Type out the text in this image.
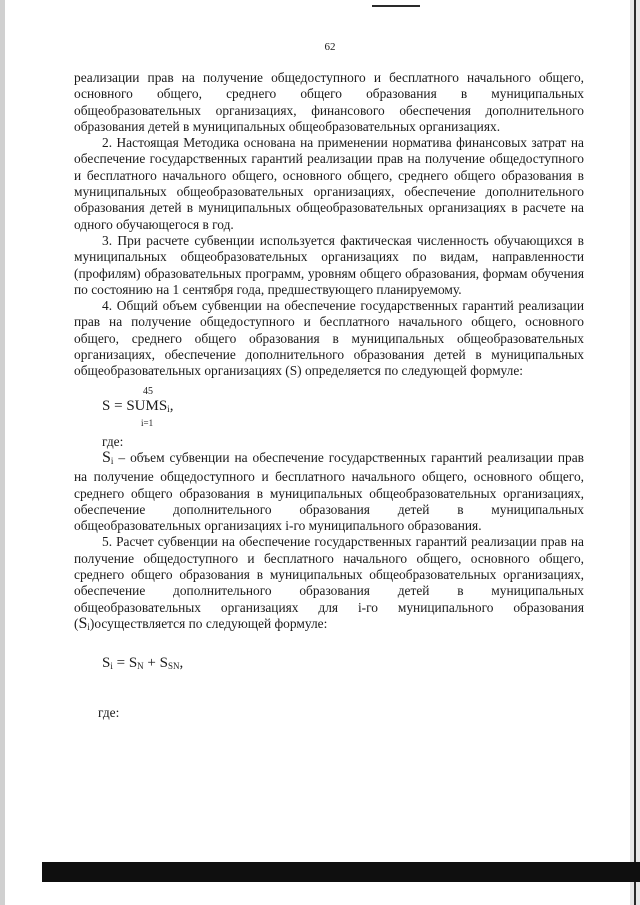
62

реализации прав на получение общедоступного и бесплатного начального общего, основного общего, среднего общего образования в муниципальных общеобразовательных организациях, финансового обеспечения дополнительного образования детей в муниципальных общеобразовательных организациях.

2. Настоящая Методика основана на применении норматива финансовых затрат на обеспечение государственных гарантий реализации прав на получение общедоступного и бесплатного начального общего, основного общего, среднего общего образования в муниципальных общеобразовательных организациях, обеспечение дополнительного образования детей в муниципальных общеобразовательных организациях в расчете на одного обучающегося в год.

3. При расчете субвенции используется фактическая численность обучающихся в муниципальных общеобразовательных организациях по видам, направленности (профилям) образовательных программ, уровням общего образования, формам обучения по состоянию на 1 сентября года, предшествующего планируемому.

4. Общий объем субвенции на обеспечение государственных гарантий реализации прав на получение общедоступного и бесплатного начального общего, основного общего, среднего общего образования в муниципальных общеобразовательных организациях, обеспечение дополнительного образования детей в муниципальных общеобразовательных организациях (S) определяется по следующей формуле:

$S = SUMS_i$,
45
i=1

где:

$S_i$ – объем субвенции на обеспечение государственных гарантий реализации прав на получение общедоступного и бесплатного начального общего, основного общего, среднего общего образования в муниципальных общеобразовательных организациях, обеспечение дополнительного образования детей в муниципальных общеобразовательных организациях i-го муниципального образования.

5. Расчет субвенции на обеспечение государственных гарантий реализации прав на получение общедоступного и бесплатного начального общего, основного общего, среднего общего образования в муниципальных общеобразовательных организациях, обеспечение дополнительного образования детей в муниципальных общеобразовательных организациях для i-го муниципального образования $(S_i)осуществляется$ по следующей формуле:

$S_i = S_N + S_{SN}$,

где:
